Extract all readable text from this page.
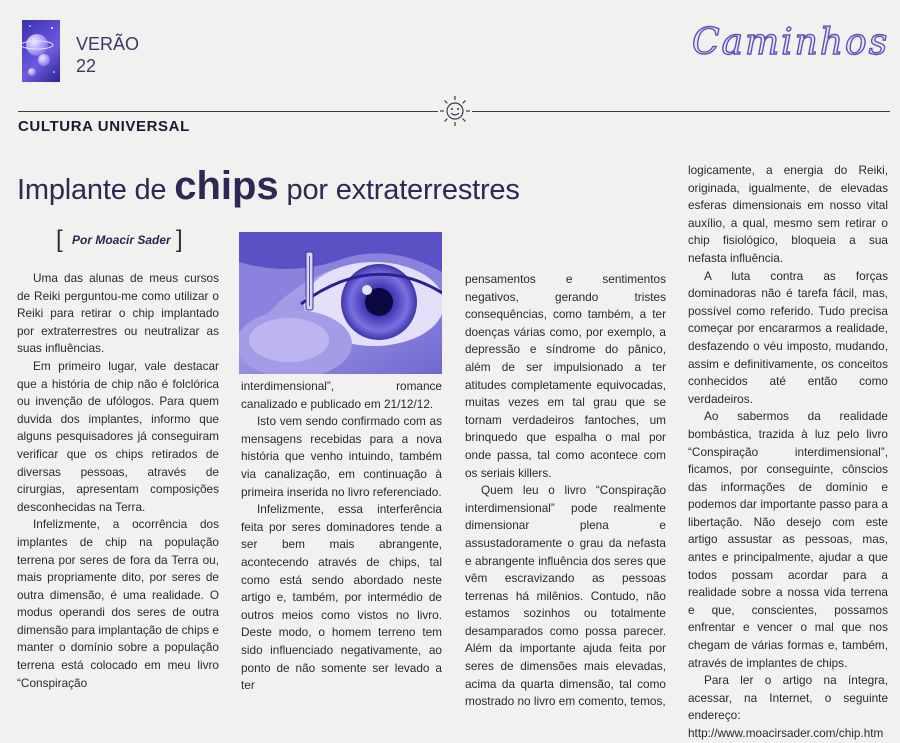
VERÃO
22
Caminhos
CULTURA UNIVERSAL
Implante de chips por extraterrestres
[ Por Moacir Sader ]

Uma das alunas de meus cursos de Reiki perguntou-me como utilizar o Reiki para retirar o chip implantado por extraterrestres ou neutralizar as suas influências.

Em primeiro lugar, vale destacar que a história de chip não é folclórica ou invenção de ufólogos. Para quem duvida dos implantes, informo que alguns pesquisadores já conseguiram verificar que os chips retirados de diversas pessoas, através de cirurgias, apresentam composições desconhecidas na Terra.

Infelizmente, a ocorrência dos implantes de chip na população terrena por seres de fora da Terra ou, mais propriamente dito, por seres de outra dimensão, é uma realidade. O modus operandi dos seres de outra dimensão para implantação de chips e manter o domínio sobre a população terrena está colocado em meu livro “Conspiração

interdimensional”, romance canalizado e publicado em 21/12/12.

Isto vem sendo confirmado com as mensagens recebidas para a nova história que venho intuindo, também via canalização, em continuação à primeira inserida no livro referenciado.

Infelizmente, essa interferência feita por seres dominadores tende a ser bem mais abrangente, acontecendo através de chips, tal como está sendo abordado neste artigo e, também, por intermédio de outros meios como vistos no livro. Deste modo, o homem terreno tem sido influenciado negativamente, ao ponto de não somente ser levado a ter

pensamentos e sentimentos negativos, gerando tristes consequências, como também, a ter doenças várias como, por exemplo, a depressão e síndrome do pânico, além de ser impulsionado a ter atitudes completamente equivocadas, muitas vezes em tal grau que se tornam verdadeiros fantoches, um brinquedo que espalha o mal por onde passa, tal como acontece com os seriais killers.

Quem leu o livro “Conspiração interdimensional” pode realmente dimensionar plena e assustadoramente o grau da nefasta e abrangente influência dos seres que vêm escravizando as pessoas terrenas há milênios. Contudo, não estamos sozinhos ou totalmente desamparados como possa parecer. Além da importante ajuda feita por seres de dimensões mais elevadas, acima da quarta dimensão, tal como mostrado no livro em comento, temos,

logicamente, a energia do Reiki, originada, igualmente, de elevadas esferas dimensionais em nosso vital auxílio, a qual, mesmo sem retirar o chip fisiológico, bloqueia a sua nefasta influência.

A luta contra as forças dominadoras não é tarefa fácil, mas, possível como referido. Tudo precisa começar por encararmos a realidade, desfazendo o véu imposto, mudando, assim e definitivamente, os conceitos conhecidos até então como verdadeiros.

Ao sabermos da realidade bombástica, trazida à luz pelo livro “Conspiração interdimensional”, ficamos, por conseguinte, cônscios das informações de domínio e podemos dar importante passo para a libertação. Não desejo com este artigo assustar as pessoas, mas, antes e principalmente, ajudar a que todos possam acordar para a realidade sobre a nossa vida terrena e que, conscientes, possamos enfrentar e vencer o mal que nos chegam de várias formas e, também, através de implantes de chips.

Para ler o artigo na íntegra, acessar, na Internet, o seguinte endereço: http://www.moacirsader.com/chip.htm
